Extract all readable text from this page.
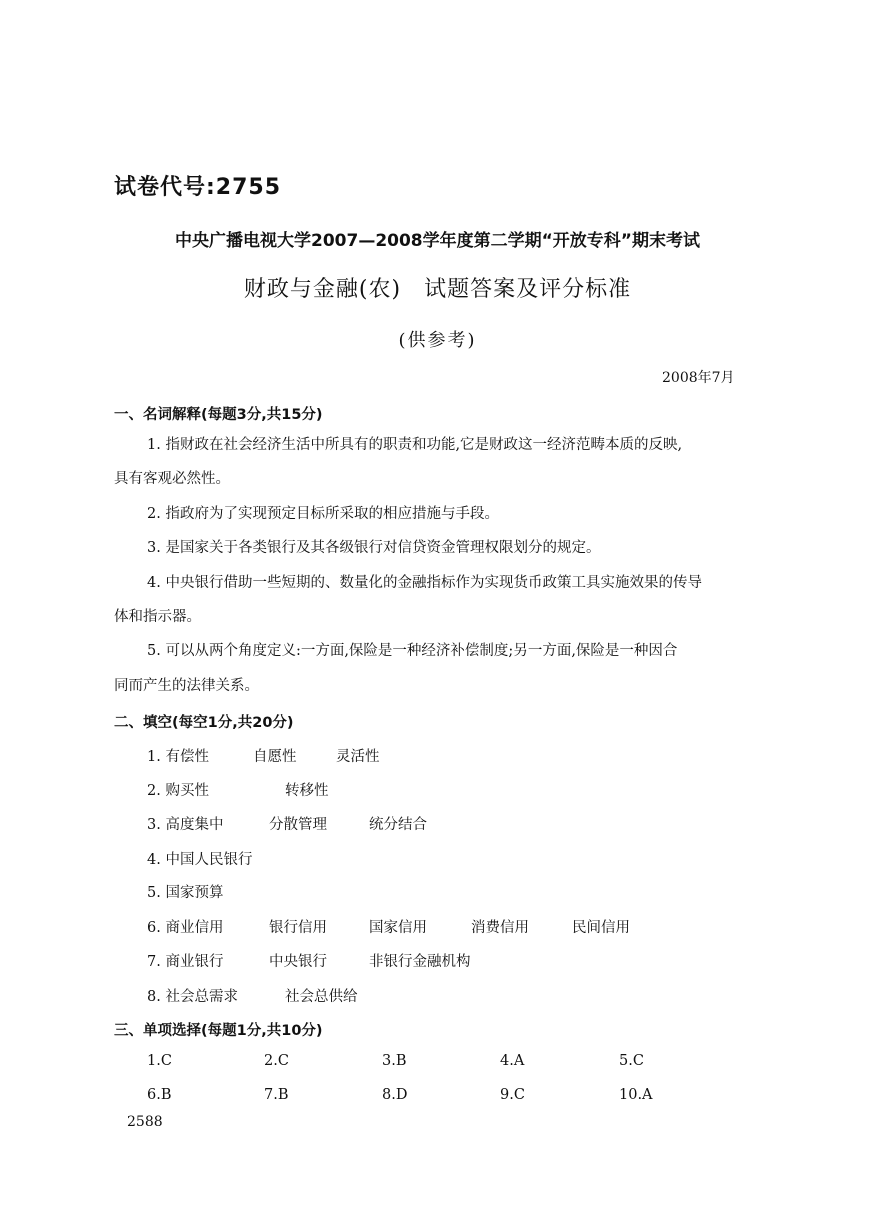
试卷代号:2755
中央广播电视大学2007—2008学年度第二学期“开放专科”期末考试
财政与金融(农)　试题答案及评分标准
(供参考)
2008年7月
一、名词解释(每题3分,共15分)
1. 指财政在社会经济生活中所具有的职责和功能,它是财政这一经济范畴本质的反映,
具有客观必然性。
2. 指政府为了实现预定目标所采取的相应措施与手段。
3. 是国家关于各类银行及其各级银行对信贷资金管理权限划分的规定。
4. 中央银行借助一些短期的、数量化的金融指标作为实现货币政策工具实施效果的传导
体和指示器。
5. 可以从两个角度定义:一方面,保险是一种经济补偿制度;另一方面,保险是一种因合
同而产生的法律关系。
二、填空(每空1分,共20分)
1. 有偿性	自愿性	灵活性
2. 购买性	转移性
3. 高度集中	分散管理	统分结合
4. 中国人民银行
5. 国家预算
6. 商业信用	银行信用	国家信用	消费信用	民间信用
7. 商业银行	中央银行	非银行金融机构
8. 社会总需求	社会总供给
三、单项选择(每题1分,共10分)
1.C	2.C	3.B	4.A	5.C
6.B	7.B	8.D	9.C	10.A
2588
